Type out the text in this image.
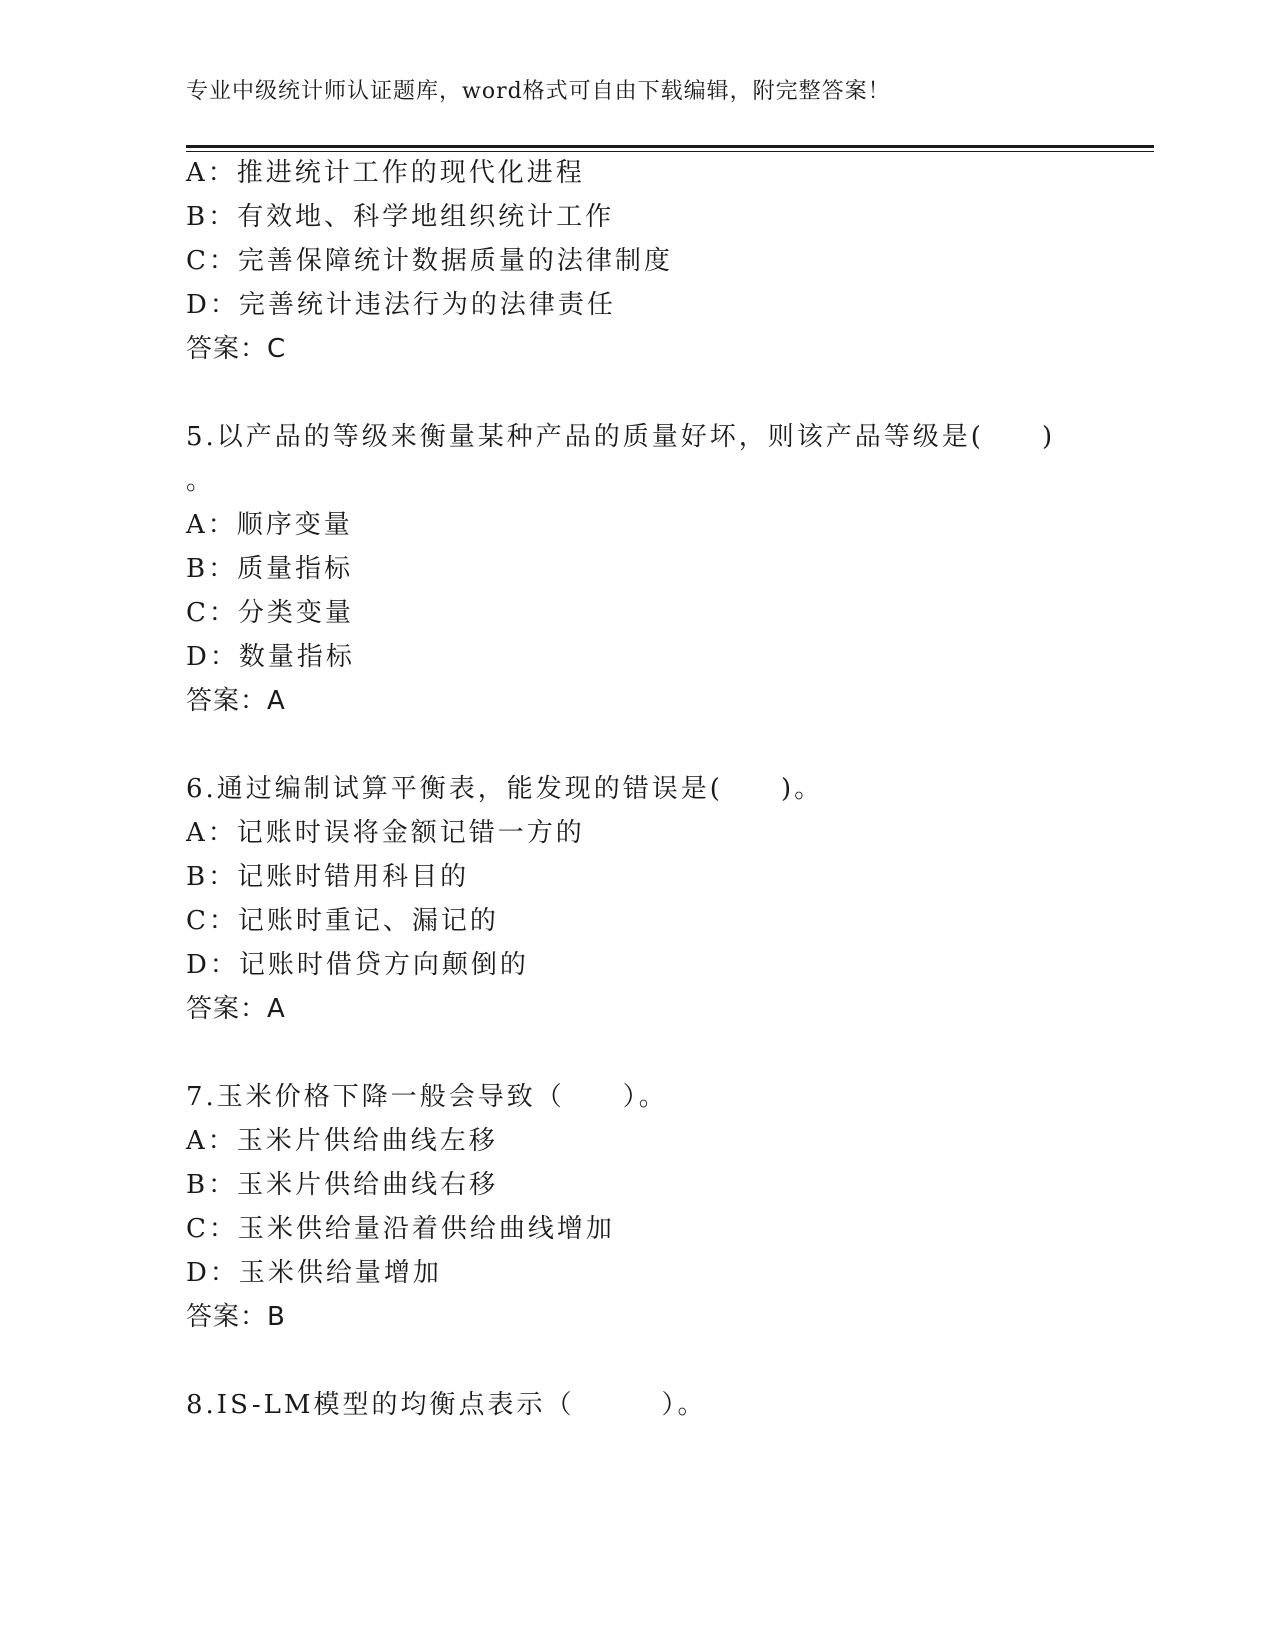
专业中级统计师认证题库，word格式可自由下载编辑，附完整答案！
A：推进统计工作的现代化进程
B：有效地、科学地组织统计工作
C：完善保障统计数据质量的法律制度
D：完善统计违法行为的法律责任
答案：C
5.以产品的等级来衡量某种产品的质量好坏，则该产品等级是(　　)
。
A：顺序变量
B：质量指标
C：分类变量
D：数量指标
答案：A
6.通过编制试算平衡表，能发现的错误是(　　)。
A：记账时误将金额记错一方的
B：记账时错用科目的
C：记账时重记、漏记的
D：记账时借贷方向颠倒的
答案：A
7.玉米价格下降一般会导致（　　）。
A：玉米片供给曲线左移
B：玉米片供给曲线右移
C：玉米供给量沿着供给曲线增加
D：玉米供给量增加
答案：B
8.IS-LM模型的均衡点表示（　　　）。
